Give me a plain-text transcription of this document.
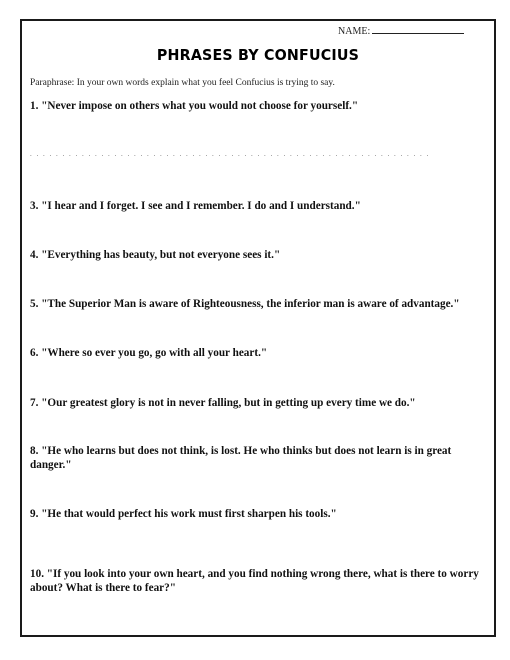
NAME:
PHRASES BY CONFUCIUS
Paraphrase: In your own words explain what you feel Confucius is trying to say.
1. "Never impose on others what you would not choose for yourself."
. . . . . . . . . . . . . . . . . . . . . . . . . . . . . . . . . . . . . . . . . . . . . . . . . . . . . . . . . . . . . .
3. "I hear and I forget. I see and I remember. I do and I understand."
4. "Everything has beauty, but not everyone sees it."
5. "The Superior Man is aware of Righteousness, the inferior man is aware of advantage."
6. "Where so ever you go, go with all your heart."
7. "Our greatest glory is not in never falling, but in getting up every time we do."
8. "He who learns but does not think, is lost. He who thinks but does not learn is in great danger."
9. "He that would perfect his work must first sharpen his tools."
10. "If you look into your own heart, and you find nothing wrong there, what is there to worry about? What is there to fear?"
